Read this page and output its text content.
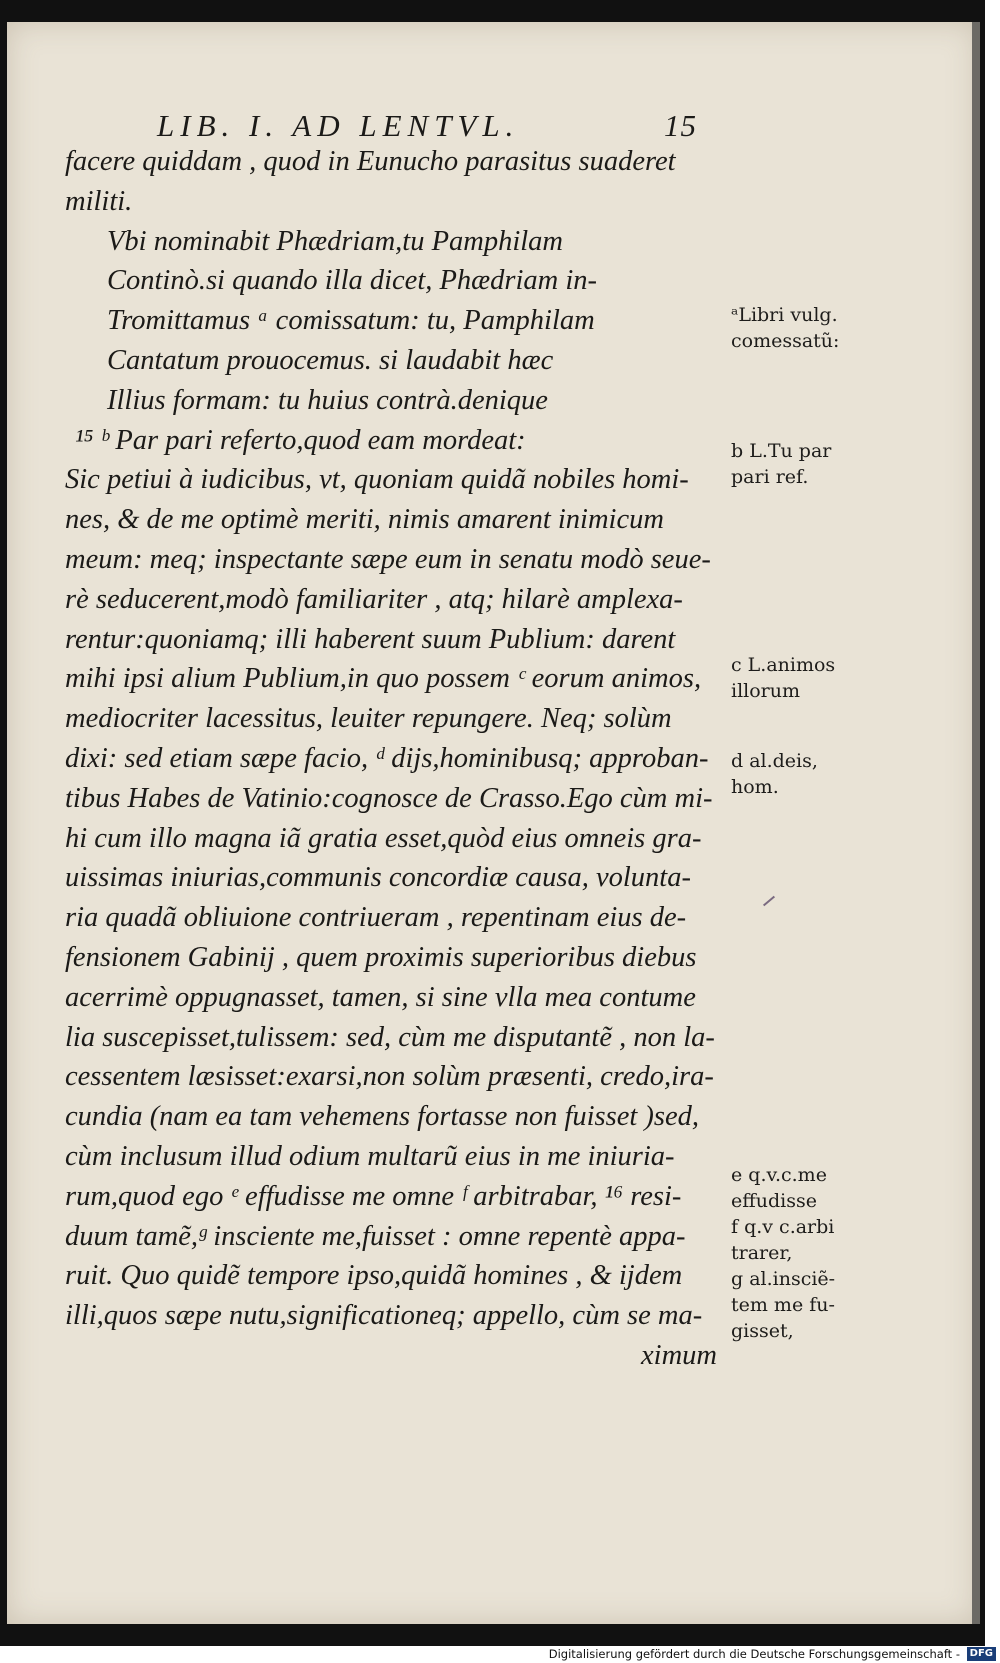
LIB. I. AD LENTVL.	15
facere quiddam , quod in Eunucho parasitus suaderet
militi.
Vbi nominabit Phædriam,tu Pamphilam
Continò.si quando illa dicet, Phædriam in-
Tromittamus ᵃ comissatum: tu, Pamphilam
Cantatum prouocemus. si laudabit hæc
Illius formam: tu huius contrà.denique
¹⁵ ᵇ Par pari referto,quod eam mordeat:
Sic petiui à iudicibus, vt, quoniam quidã nobiles homi-
nes, & de me optimè meriti, nimis amarent inimicum
meum: meq; inspectante sæpe eum in senatu modò seue-
rè seducerent,modò familiariter , atq; hilarè amplexa-
rentur:quoniamq; illi haberent suum Publium: darent
mihi ipsi alium Publium,in quo possem ᶜ eorum animos,
mediocriter lacessitus, leuiter repungere. Neq; solùm
dixi: sed etiam sæpe facio, ᵈ dijs,hominibusq; approban-
tibus Habes de Vatinio:cognosce de Crasso.Ego cùm mi-
hi cum illo magna iã gratia esset,quòd eius omneis gra-
uissimas iniurias,communis concordiæ causa, volunta-
ria quadã obliuione contriueram , repentinam eius de-
fensionem Gabinij , quem proximis superioribus diebus
acerrimè oppugnasset, tamen, si sine vlla mea contume
lia suscepisset,tulissem: sed, cùm me disputantẽ , non la-
cessentem læsisset:exarsi,non solùm præsenti, credo,ira-
cundia (nam ea tam vehemens fortasse non fuisset )sed,
cùm inclusum illud odium multarũ eius in me iniuria-
rum,quod ego ᵉ effudisse me omne ᶠ arbitrabar, ¹⁶ resi-
duum tamẽ,ᵍ insciente me,fuisset : omne repentè appa-
ruit. Quo quidẽ tempore ipso,quidã homines , & ijdem
illi,quos sæpe nutu,significationeq; appello, cùm se ma-
ximum
ᵃLibri vulg.
comessatũ:
b L.Tu par
pari ref.
c L.animos
illorum
d al.deis,
hom.
e q.v.c.me
effudisse
f q.v c.arbi
trarer,
g al.insciẽ-
tem me fu-
gisset,
Digitalisierung gefördert durch die Deutsche Forschungsgemeinschaft - DFG
